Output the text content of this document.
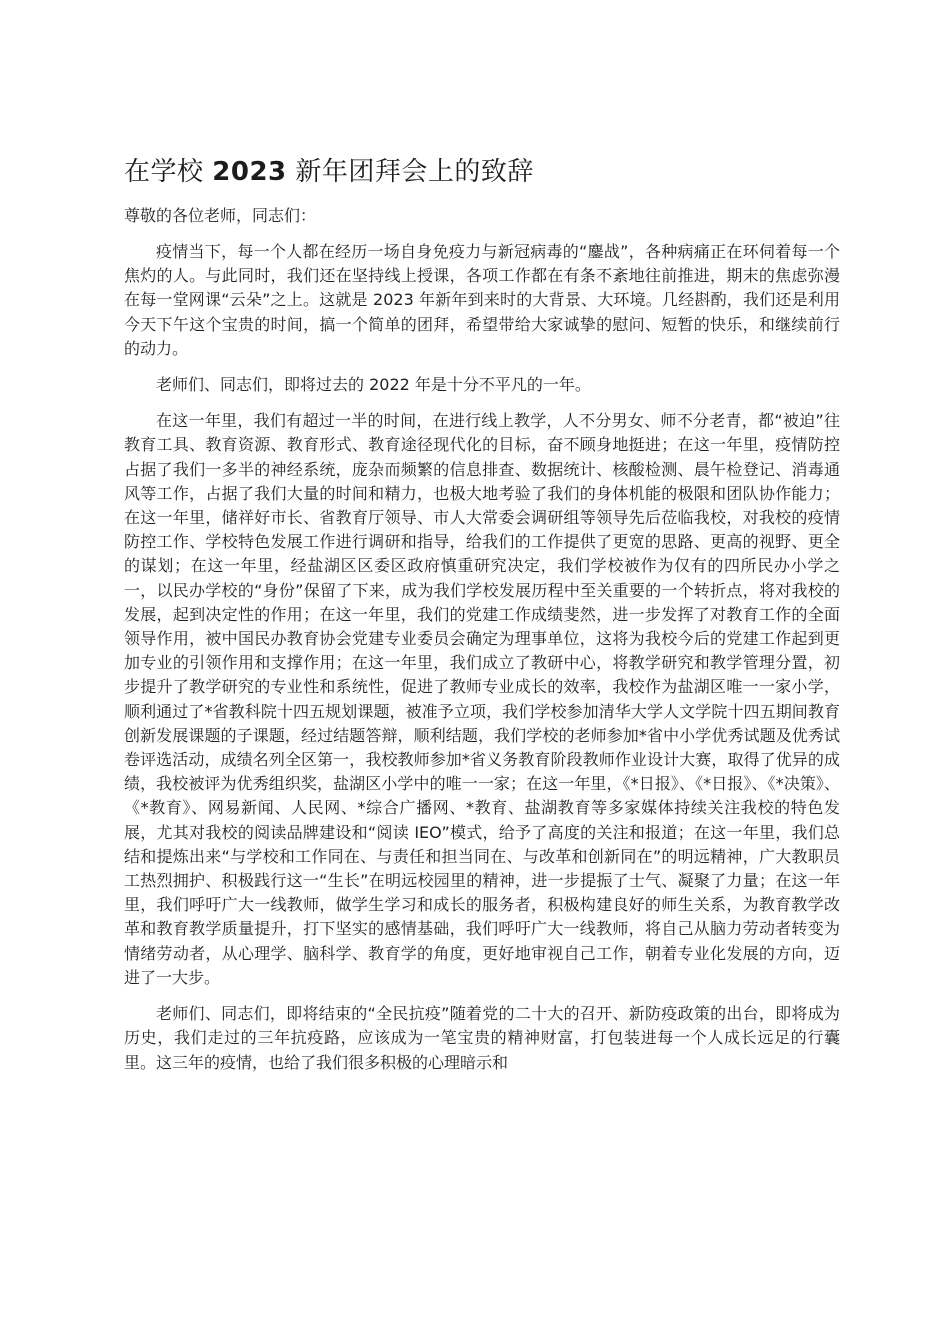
在学校 2023 新年团拜会上的致辞

尊敬的各位老师，同志们：

疫情当下，每一个人都在经历一场自身免疫力与新冠病毒的“鏖战”，各种病痛正在环伺着每一个焦灼的人。与此同时，我们还在坚持线上授课，各项工作都在有条不紊地往前推进，期末的焦虑弥漫在每一堂网课“云朵”之上。这就是 2023 年新年到来时的大背景、大环境。几经斟酌，我们还是利用今天下午这个宝贵的时间，搞一个简单的团拜，希望带给大家诚挚的慰问、短暂的快乐，和继续前行的动力。

老师们、同志们，即将过去的 2022 年是十分不平凡的一年。

在这一年里，我们有超过一半的时间，在进行线上教学，人不分男女、师不分老青，都“被迫”往教育工具、教育资源、教育形式、教育途径现代化的目标，奋不顾身地挺进；在这一年里，疫情防控占据了我们一多半的神经系统，庞杂而频繁的信息排查、数据统计、核酸检测、晨午检登记、消毒通风等工作，占据了我们大量的时间和精力，也极大地考验了我们的身体机能的极限和团队协作能力；在这一年里，储祥好市长、省教育厅领导、市人大常委会调研组等领导先后莅临我校，对我校的疫情防控工作、学校特色发展工作进行调研和指导，给我们的工作提供了更宽的思路、更高的视野、更全的谋划；在这一年里，经盐湖区区委区政府慎重研究决定，我们学校被作为仅有的四所民办小学之一，以民办学校的“身份”保留了下来，成为我们学校发展历程中至关重要的一个转折点，将对我校的发展，起到决定性的作用；在这一年里，我们的党建工作成绩斐然，进一步发挥了对教育工作的全面领导作用，被中国民办教育协会党建专业委员会确定为理事单位，这将为我校今后的党建工作起到更加专业的引领作用和支撑作用；在这一年里，我们成立了教研中心，将教学研究和教学管理分置，初步提升了教学研究的专业性和系统性，促进了教师专业成长的效率，我校作为盐湖区唯一一家小学，顺利通过了*省教科院十四五规划课题，被准予立项，我们学校参加清华大学人文学院十四五期间教育创新发展课题的子课题，经过结题答辩，顺利结题，我们学校的老师参加*省中小学优秀试题及优秀试卷评选活动，成绩名列全区第一，我校教师参加*省义务教育阶段教师作业设计大赛，取得了优异的成绩，我校被评为优秀组织奖，盐湖区小学中的唯一一家；在这一年里，《*日报》、《*日报》、《*决策》、《*教育》、网易新闻、人民网、*综合广播网、*教育、盐湖教育等多家媒体持续关注我校的特色发展，尤其对我校的阅读品牌建设和“阅读 IEO”模式，给予了高度的关注和报道；在这一年里，我们总结和提炼出来“与学校和工作同在、与责任和担当同在、与改革和创新同在”的明远精神，广大教职员工热烈拥护、积极践行这一“生长”在明远校园里的精神，进一步提振了士气、凝聚了力量；在这一年里，我们呼吁广大一线教师，做学生学习和成长的服务者，积极构建良好的师生关系，为教育教学改革和教育教学质量提升，打下坚实的感情基础，我们呼吁广大一线教师，将自己从脑力劳动者转变为情绪劳动者，从心理学、脑科学、教育学的角度，更好地审视自己工作，朝着专业化发展的方向，迈进了一大步。

老师们、同志们，即将结束的“全民抗疫”随着党的二十大的召开、新防疫政策的出台，即将成为历史，我们走过的三年抗疫路，应该成为一笔宝贵的精神财富，打包装进每一个人成长远足的行囊里。这三年的疫情，也给了我们很多积极的心理暗示和
